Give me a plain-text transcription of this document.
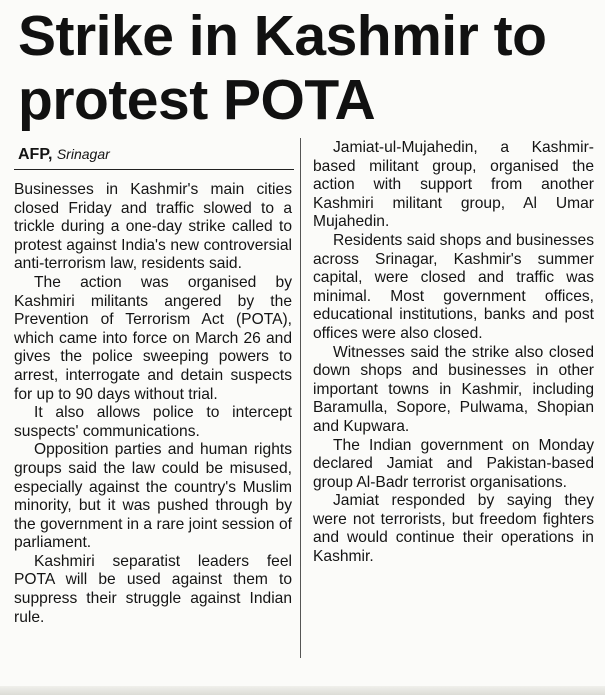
Strike in Kashmir to protest POTA
AFP, Srinagar

Businesses in Kashmir's main cities closed Friday and traffic slowed to a trickle during a one-day strike called to protest against India's new controversial anti-terrorism law, residents said.

The action was organised by Kashmiri militants angered by the Prevention of Terrorism Act (POTA), which came into force on March 26 and gives the police sweeping powers to arrest, interrogate and detain suspects for up to 90 days without trial.

It also allows police to intercept suspects' communications.

Opposition parties and human rights groups said the law could be misused, especially against the country's Muslim minority, but it was pushed through by the government in a rare joint session of parliament.

Kashmiri separatist leaders feel POTA will be used against them to suppress their struggle against Indian rule.

Jamiat-ul-Mujahedin, a Kashmir-based militant group, organised the action with support from another Kashmiri militant group, Al Umar Mujahedin.

Residents said shops and businesses across Srinagar, Kashmir's summer capital, were closed and traffic was minimal. Most government offices, educational institutions, banks and post offices were also closed.

Witnesses said the strike also closed down shops and businesses in other important towns in Kashmir, including Baramulla, Sopore, Pulwama, Shopian and Kupwara.

The Indian government on Monday declared Jamiat and Pakistan-based group Al-Badr terrorist organisations.

Jamiat responded by saying they were not terrorists, but freedom fighters and would continue their operations in Kashmir.
